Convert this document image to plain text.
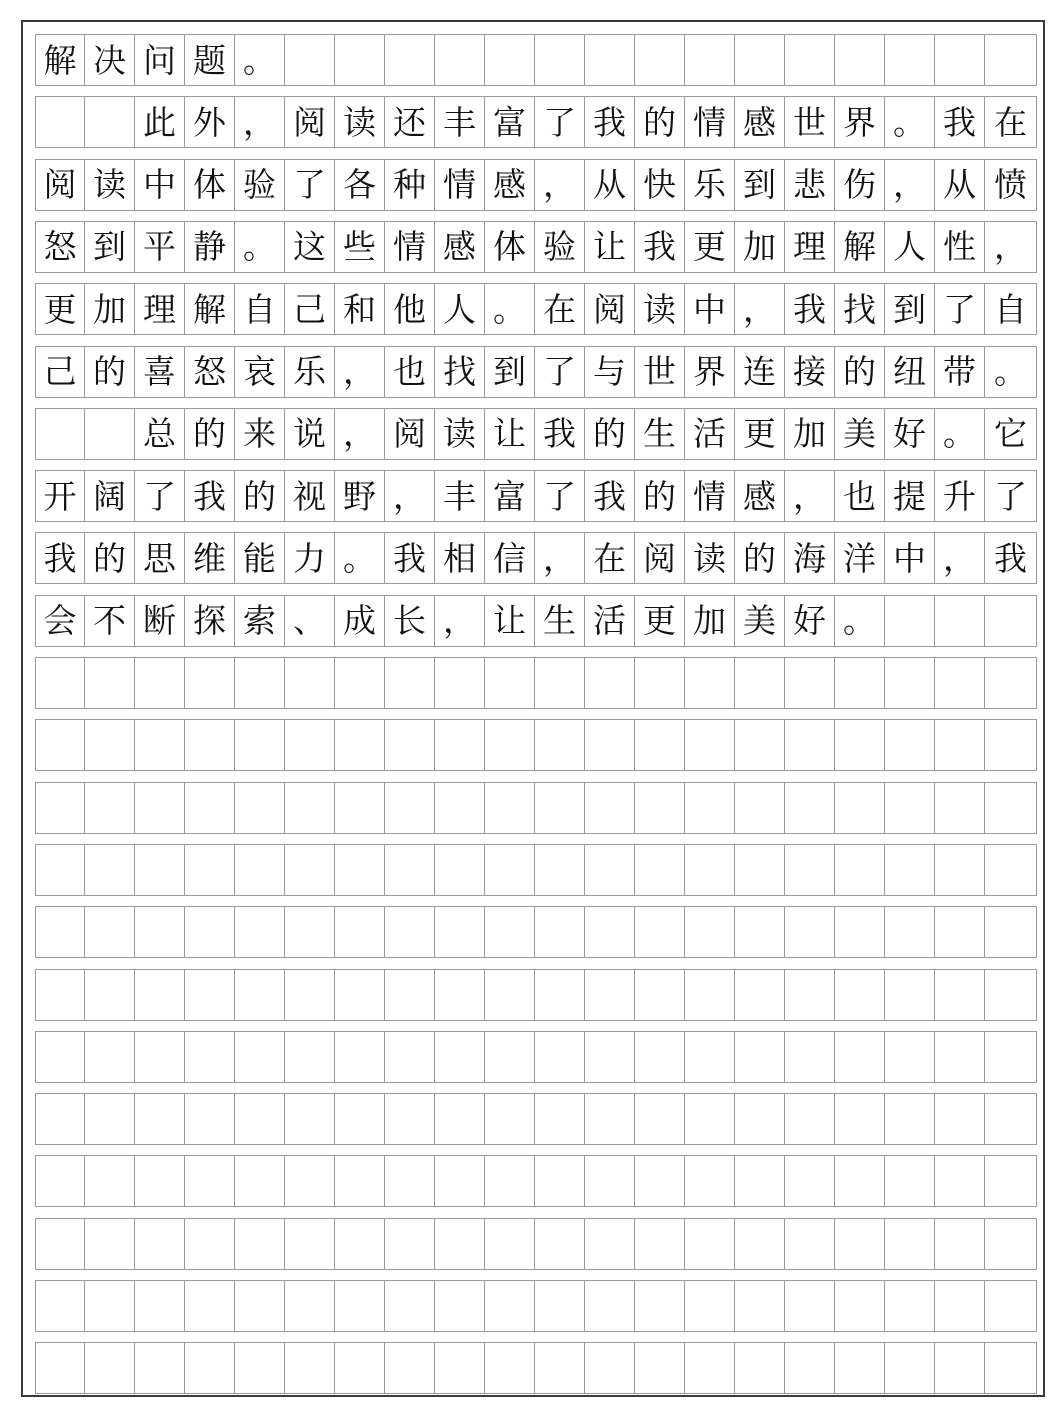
解 决 问 题 。
此 外 ， 阅 读 还 丰 富 了 我 的 情 感 世 界 。 我 在
阅 读 中 体 验 了 各 种 情 感 ， 从 快 乐 到 悲 伤 ， 从 愤
怒 到 平 静 。 这 些 情 感 体 验 让 我 更 加 理 解 人 性 ，
更 加 理 解 自 己 和 他 人 。 在 阅 读 中 ， 我 找 到 了 自
己 的 喜 怒 哀 乐 ， 也 找 到 了 与 世 界 连 接 的 纽 带 。
总 的 来 说 ， 阅 读 让 我 的 生 活 更 加 美 好 。 它
开 阔 了 我 的 视 野 ， 丰 富 了 我 的 情 感 ， 也 提 升 了
我 的 思 维 能 力 。 我 相 信 ， 在 阅 读 的 海 洋 中 ， 我
会 不 断 探 索 、 成 长 ， 让 生 活 更 加 美 好 。
